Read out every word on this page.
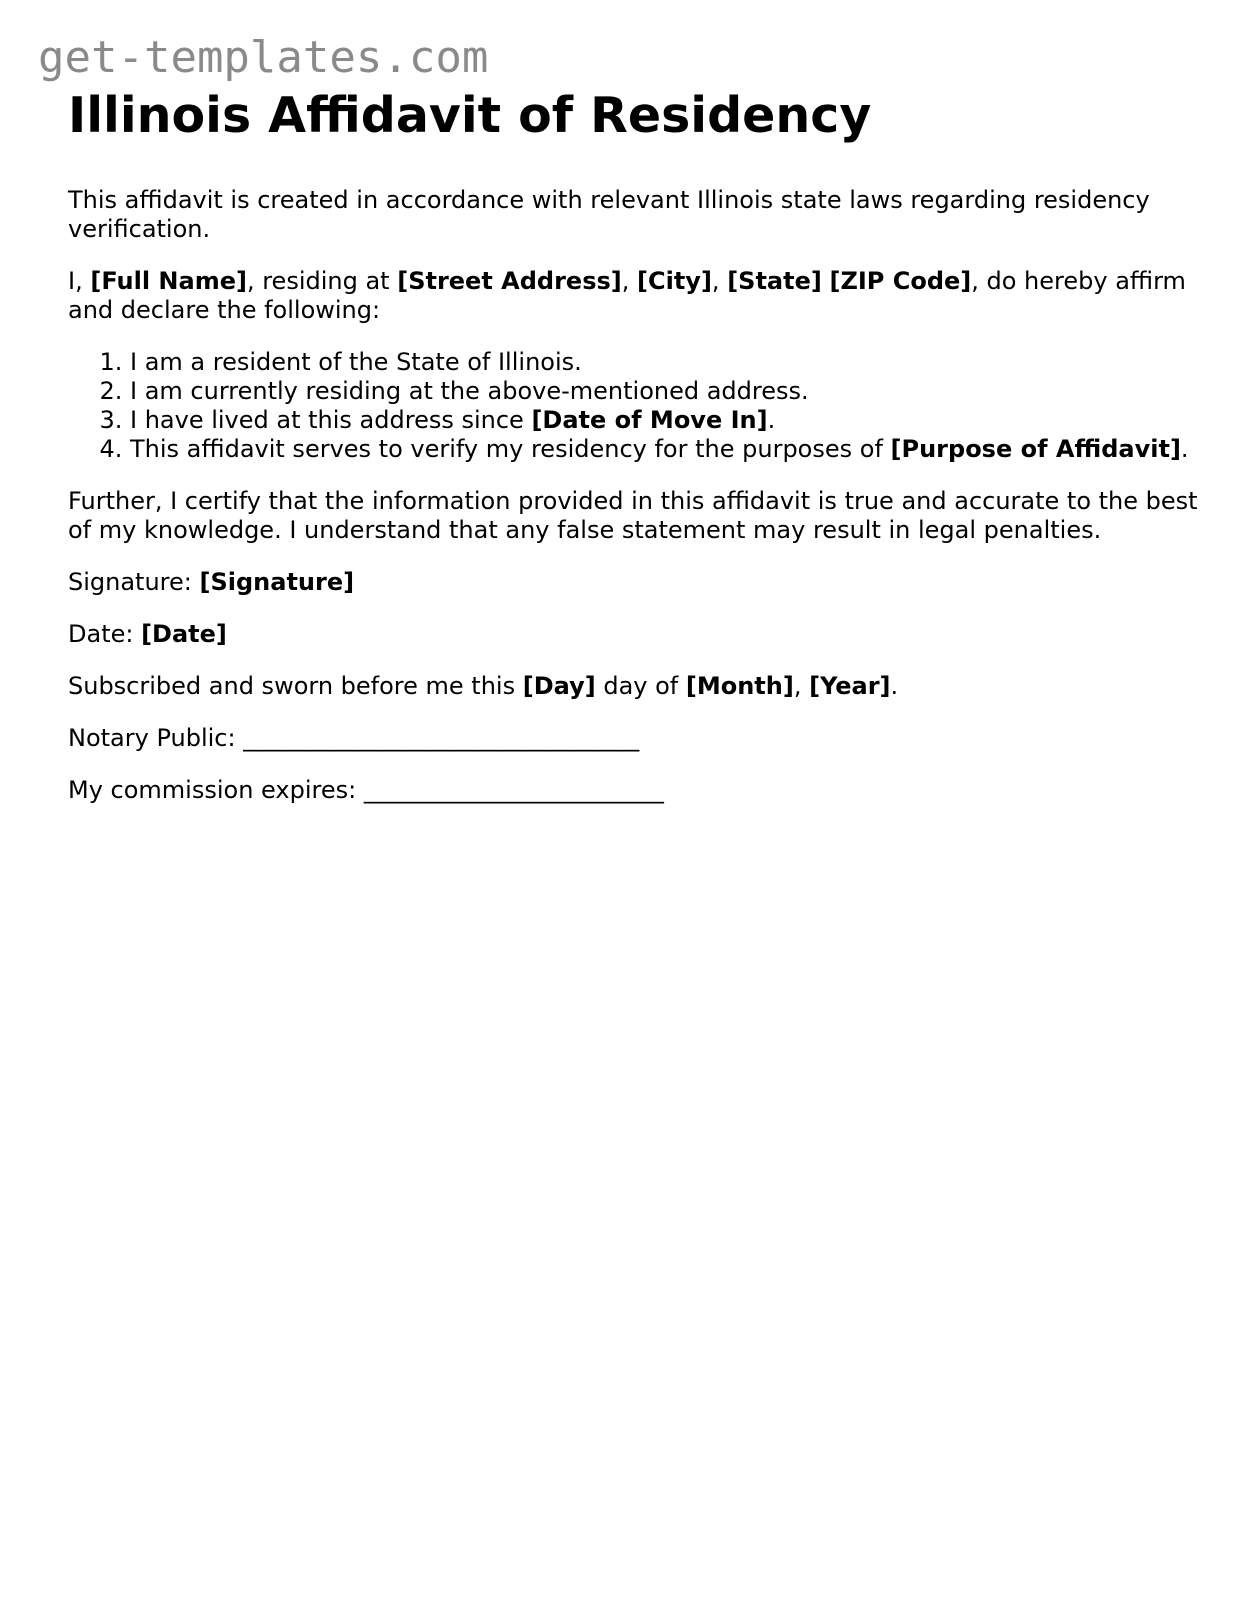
get-templates.com
Illinois Affidavit of Residency

This affidavit is created in accordance with relevant Illinois state laws regarding residency verification.

I, [Full Name], residing at [Street Address], [City], [State] [ZIP Code], do hereby affirm and declare the following:

1. I am a resident of the State of Illinois.
2. I am currently residing at the above-mentioned address.
3. I have lived at this address since [Date of Move In].
4. This affidavit serves to verify my residency for the purposes of [Purpose of Affidavit].

Further, I certify that the information provided in this affidavit is true and accurate to the best of my knowledge. I understand that any false statement may result in legal penalties.

Signature: [Signature]

Date: [Date]

Subscribed and sworn before me this [Day] day of [Month], [Year].

Notary Public: _________________________________

My commission expires: _________________________
